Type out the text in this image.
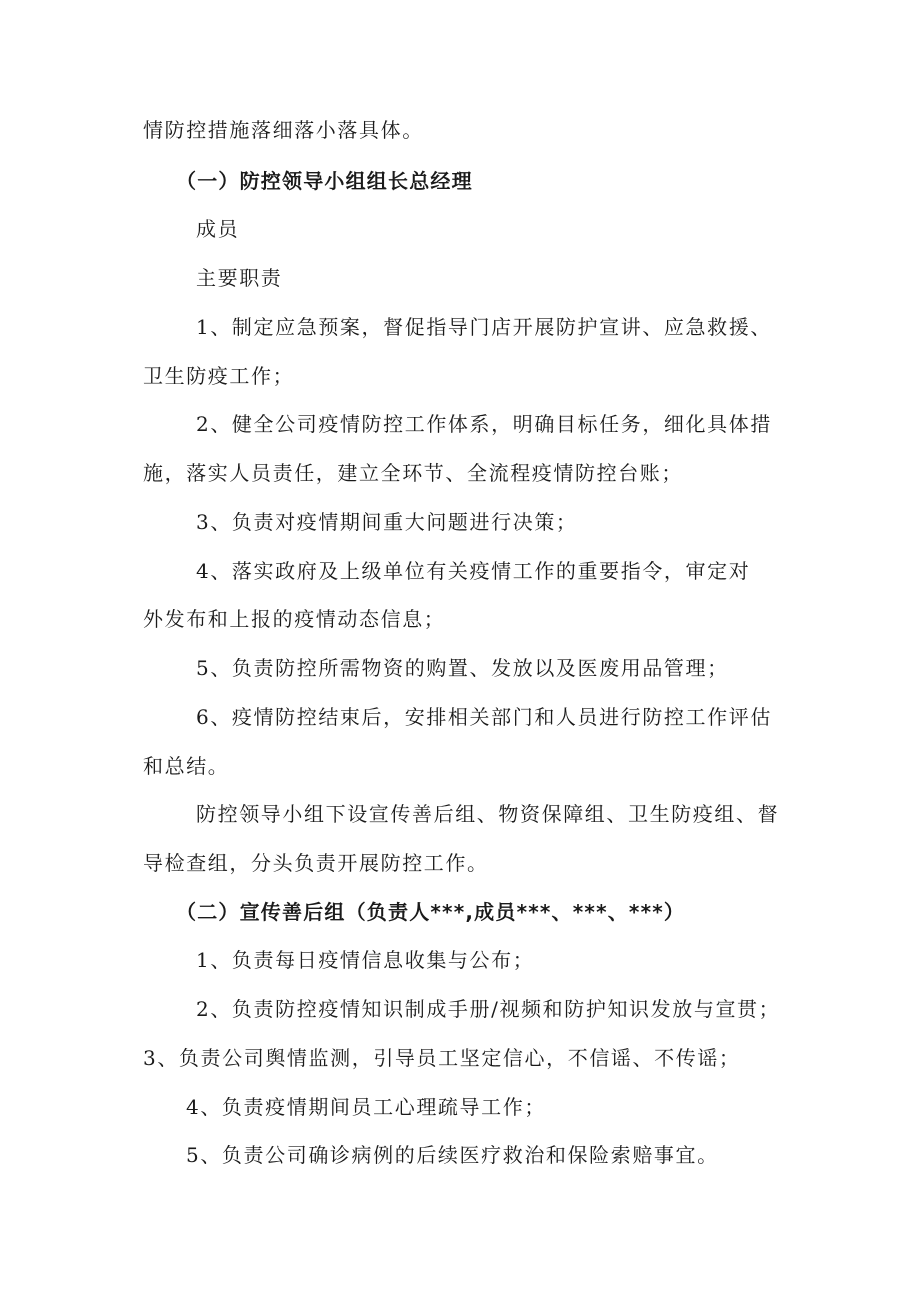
情防控措施落细落小落具体。

（一）防控领导小组组长总经理

成员

主要职责

1、制定应急预案，督促指导门店开展防护宣讲、应急救援、

卫生防疫工作；

2、健全公司疫情防控工作体系，明确目标任务，细化具体措

施，落实人员责任，建立全环节、全流程疫情防控台账；

3、负责对疫情期间重大问题进行决策；

4、落实政府及上级单位有关疫情工作的重要指令，审定对

外发布和上报的疫情动态信息；

5、负责防控所需物资的购置、发放以及医废用品管理；

6、疫情防控结束后，安排相关部门和人员进行防控工作评估

和总结。

防控领导小组下设宣传善后组、物资保障组、卫生防疫组、督

导检查组，分头负责开展防控工作。

（二）宣传善后组（负责人***,成员***、***、***）

1、负责每日疫情信息收集与公布；

2、负责防控疫情知识制成手册/视频和防护知识发放与宣贯；

3、负责公司舆情监测，引导员工坚定信心，不信谣、不传谣；

4、负责疫情期间员工心理疏导工作；

5、负责公司确诊病例的后续医疗救治和保险索赔事宜。
